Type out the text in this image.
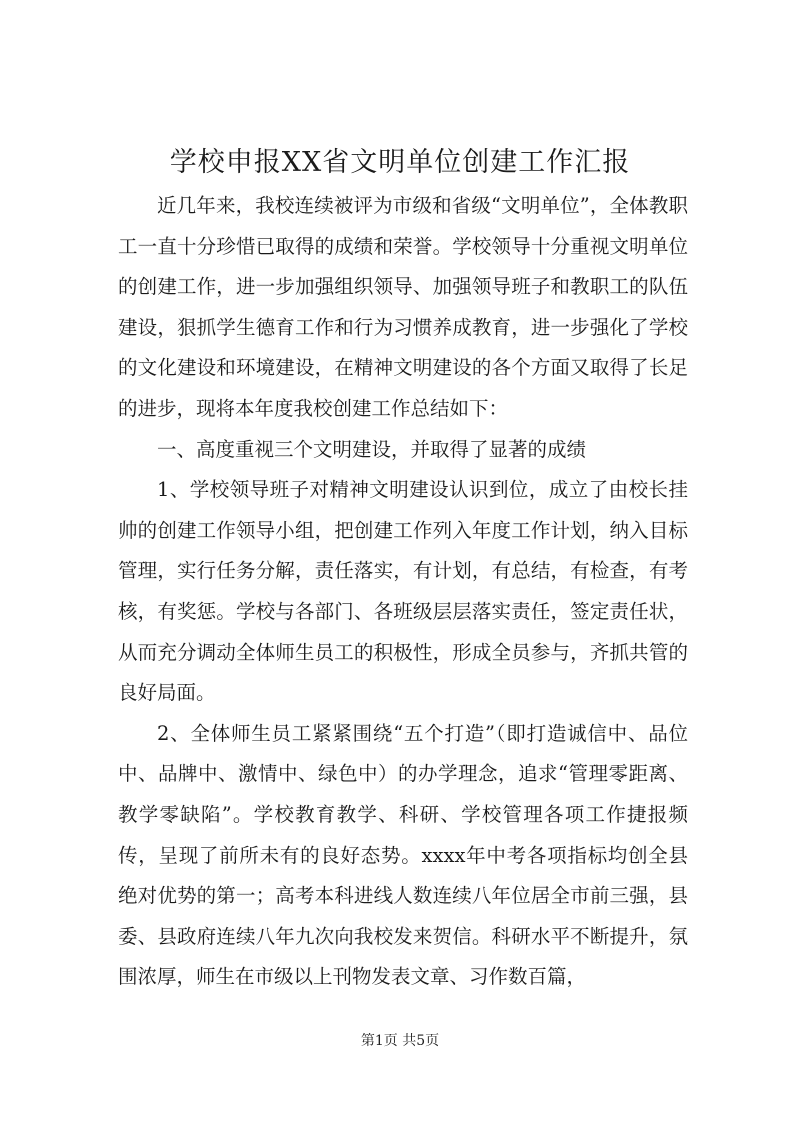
学校申报XX省文明单位创建工作汇报

近几年来，我校连续被评为市级和省级“文明单位”，全体教职工一直十分珍惜已取得的成绩和荣誉。学校领导十分重视文明单位的创建工作，进一步加强组织领导、加强领导班子和教职工的队伍建设，狠抓学生德育工作和行为习惯养成教育，进一步强化了学校的文化建设和环境建设，在精神文明建设的各个方面又取得了长足的进步，现将本年度我校创建工作总结如下：

一、高度重视三个文明建设，并取得了显著的成绩

1、学校领导班子对精神文明建设认识到位，成立了由校长挂帅的创建工作领导小组，把创建工作列入年度工作计划，纳入目标管理，实行任务分解，责任落实，有计划，有总结，有检查，有考核，有奖惩。学校与各部门、各班级层层落实责任，签定责任状，从而充分调动全体师生员工的积极性，形成全员参与，齐抓共管的良好局面。

2、全体师生员工紧紧围绕“五个打造”（即打造诚信中、品位中、品牌中、激情中、绿色中）的办学理念，追求“管理零距离、教学零缺陷”。学校教育教学、科研、学校管理各项工作捷报频传，呈现了前所未有的良好态势。xxxx年中考各项指标均创全县绝对优势的第一；高考本科进线人数连续八年位居全市前三强，县委、县政府连续八年九次向我校发来贺信。科研水平不断提升，氛围浓厚，师生在市级以上刊物发表文章、习作数百篇，

第1页 共5页
